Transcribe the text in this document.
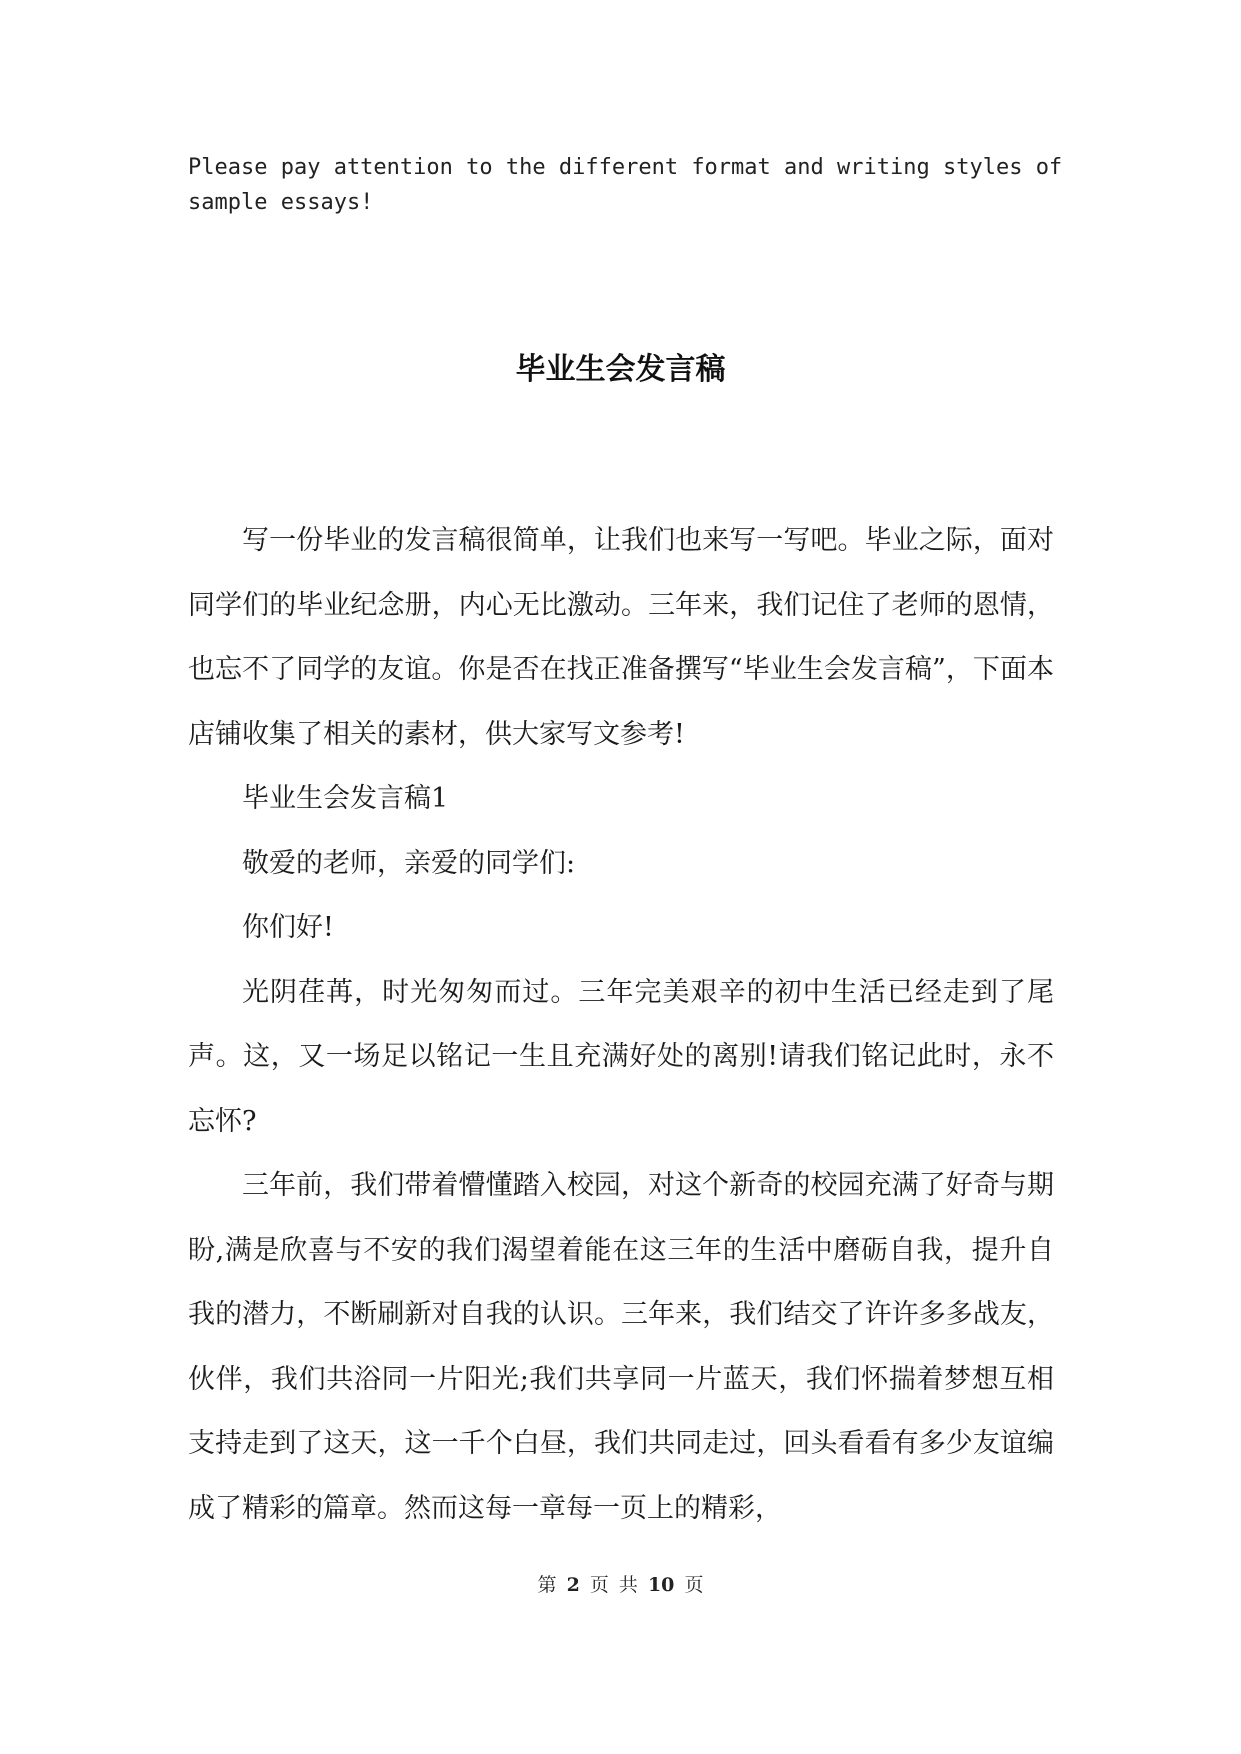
Please pay attention to the different format and writing styles of sample essays!

毕业生会发言稿

写一份毕业的发言稿很简单，让我们也来写一写吧。毕业之际，面对同学们的毕业纪念册，内心无比激动。三年来，我们记住了老师的恩情，也忘不了同学的友谊。你是否在找正准备撰写“毕业生会发言稿”，下面本店铺收集了相关的素材，供大家写文参考!

毕业生会发言稿1

敬爱的老师，亲爱的同学们:

你们好!

光阴荏苒，时光匆匆而过。三年完美艰辛的初中生活已经走到了尾声。这，又一场足以铭记一生且充满好处的离别!请我们铭记此时，永不忘怀?

三年前，我们带着懵懂踏入校园，对这个新奇的校园充满了好奇与期盼,满是欣喜与不安的我们渴望着能在这三年的生活中磨砺自我，提升自我的潜力，不断刷新对自我的认识。三年来，我们结交了许许多多战友，伙伴，我们共浴同一片阳光;我们共享同一片蓝天，我们怀揣着梦想互相支持走到了这天，这一千个白昼，我们共同走过，回头看看有多少友谊编成了精彩的篇章。然而这每一章每一页上的精彩，

第 2 页 共 10 页
